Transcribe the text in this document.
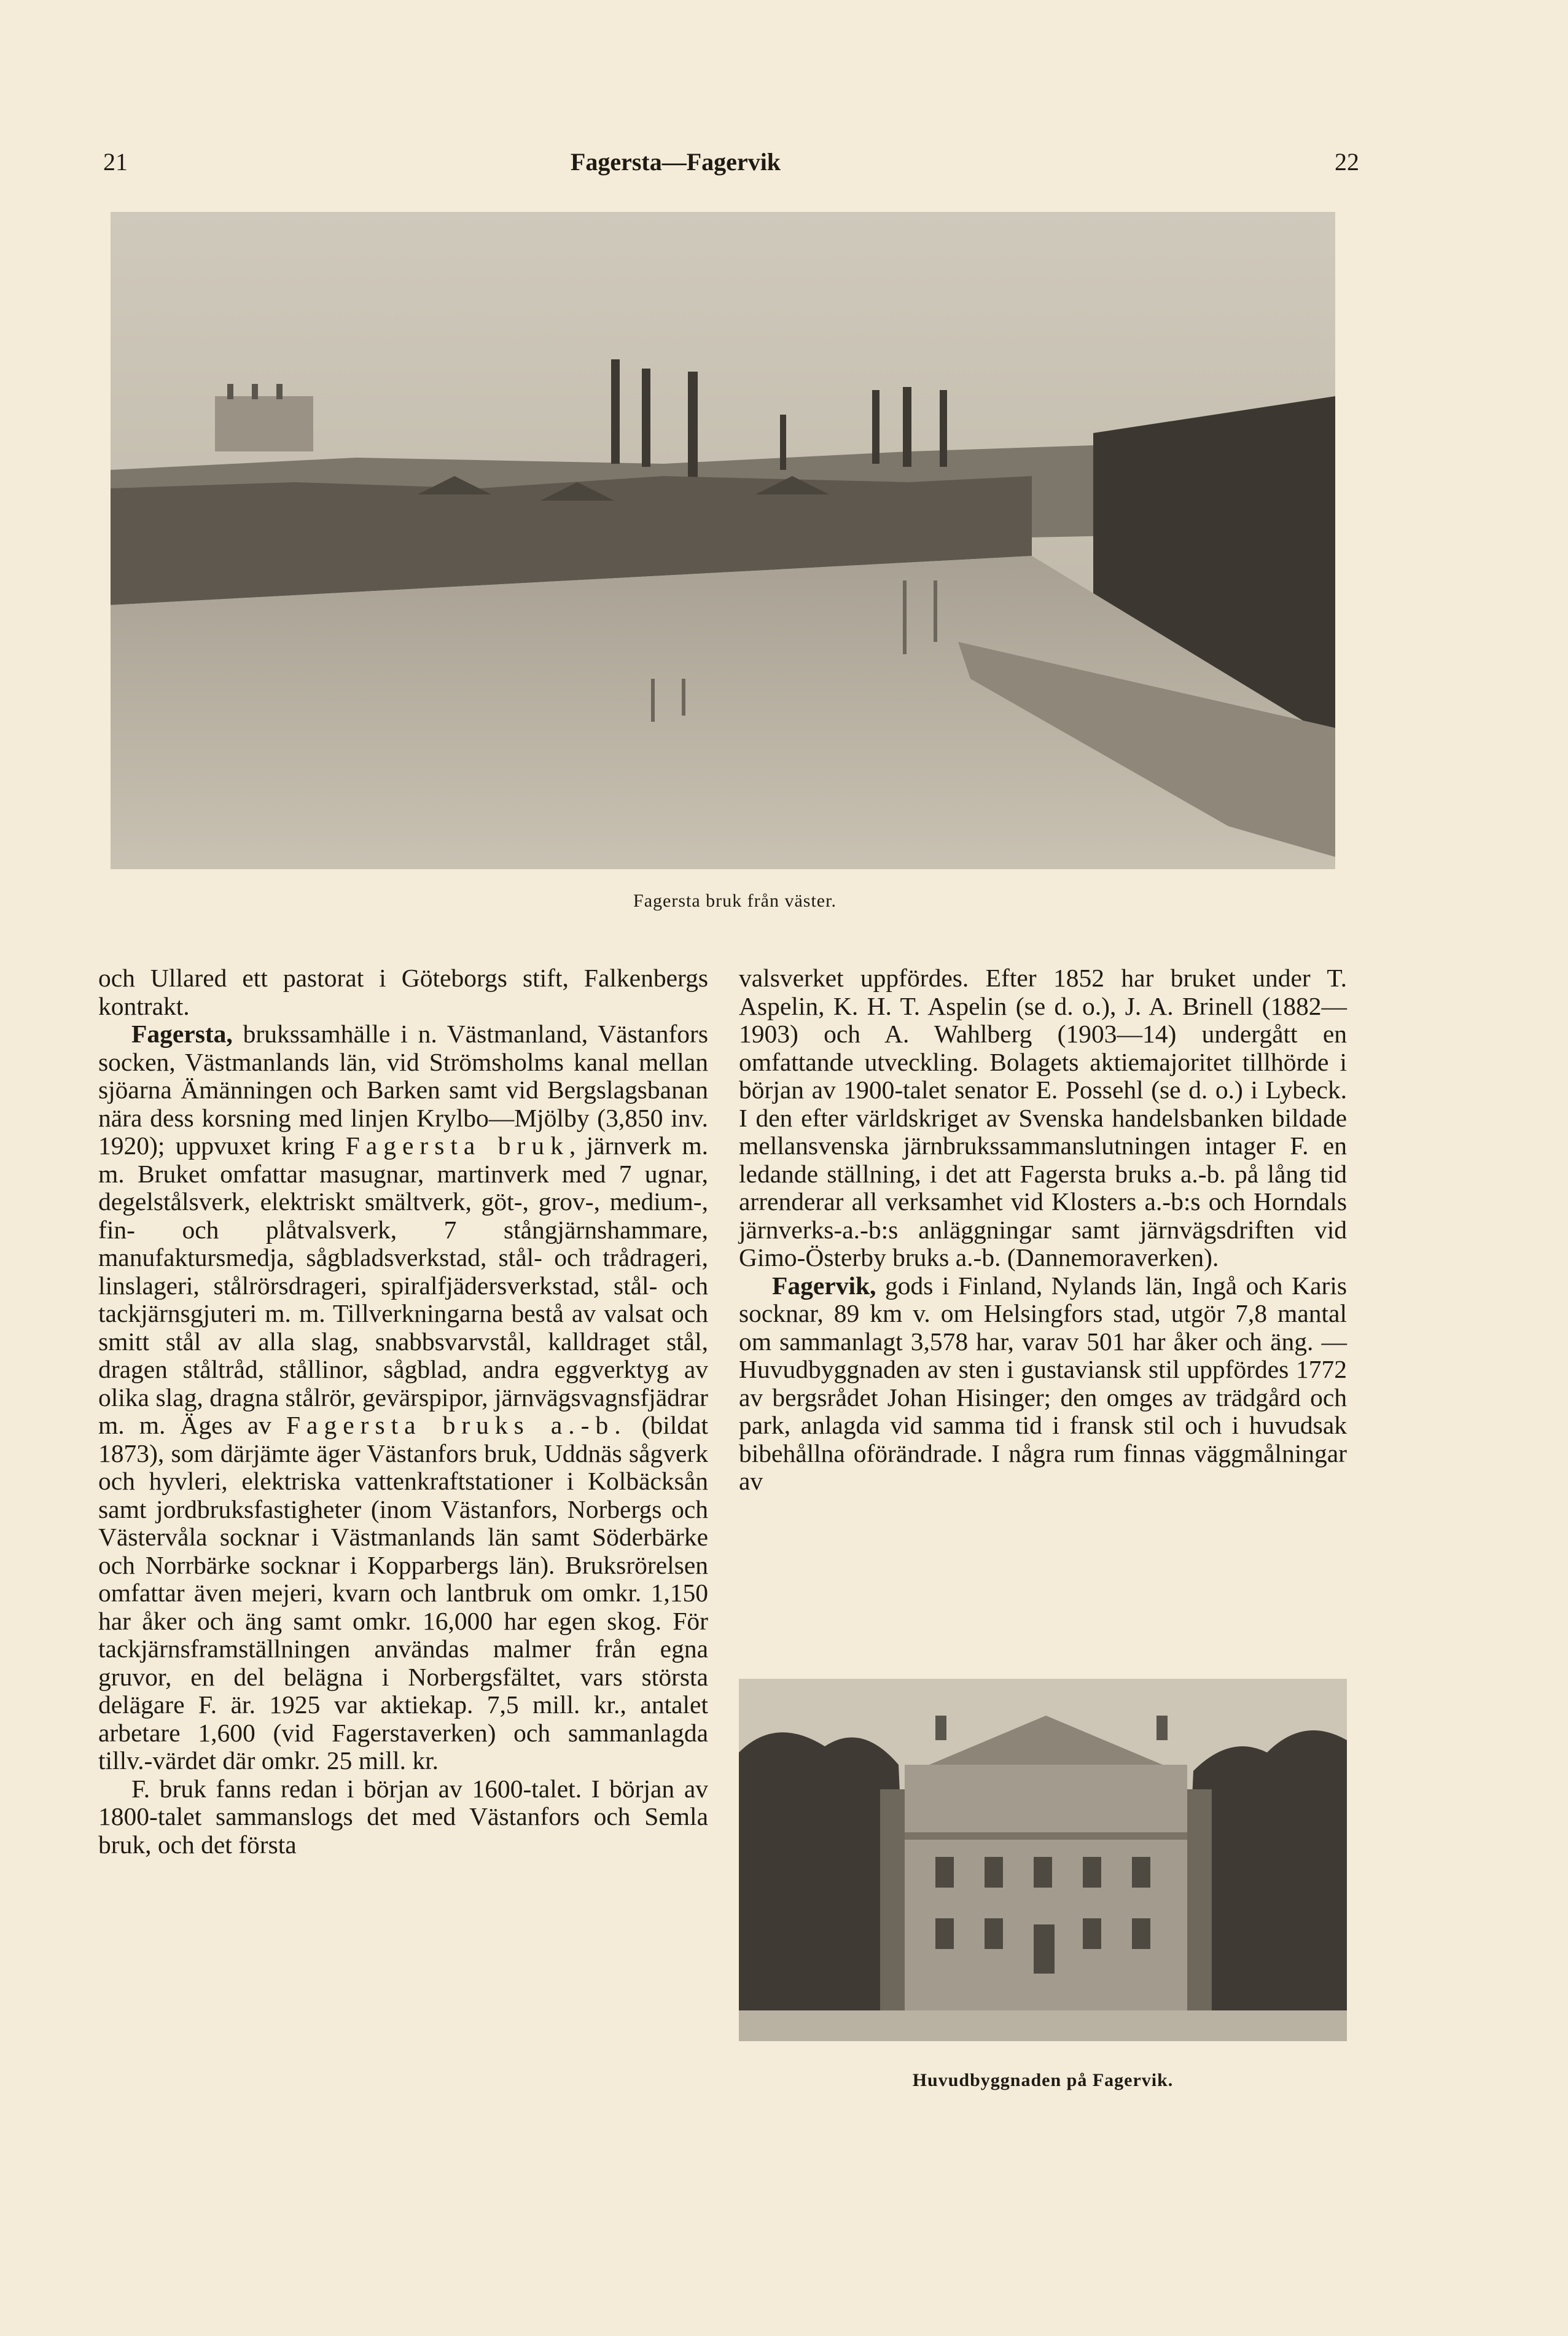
21	Fagersta—Fagervik	22
Fagersta bruk från väster.

och Ullared ett pastorat i Göteborgs stift, Falkenbergs kontrakt.

Fagersta, brukssamhälle i n. Västmanland, Västanfors socken, Västmanlands län, vid Strömsholms kanal mellan sjöarna Ämänningen och Barken samt vid Bergslagsbanan nära dess korsning med linjen Krylbo—Mjölby (3,850 inv. 1920); uppvuxet kring Fagersta bruk, järnverk m. m. Bruket omfattar masugnar, martinverk med 7 ugnar, degelstålsverk, elektriskt smältverk, göt-, grov-, medium-, fin- och plåtvalsverk, 7 stångjärnshammare, manufaktursmedja, sågbladsverkstad, stål- och trådrageri, linslageri, stålrörsdrageri, spiralfjädersverkstad, stål- och tackjärnsgjuteri m. m. Tillverkningarna bestå av valsat och smitt stål av alla slag, snabbsvarvstål, kalldraget stål, dragen ståltråd, stållinor, sågblad, andra eggverktyg av olika slag, dragna stålrör, gevärspipor, järnvägsvagnsfjädrar m. m. Äges av Fagersta bruks a.-b. (bildat 1873), som därjämte äger Västanfors bruk, Uddnäs sågverk och hyvleri, elektriska vattenkraftstationer i Kolbäcksån samt jordbruksfastigheter (inom Västanfors, Norbergs och Västervåla socknar i Västmanlands län samt Söderbärke och Norrbärke socknar i Kopparbergs län). Bruksrörelsen omfattar även mejeri, kvarn och lantbruk om omkr. 1,150 har åker och äng samt omkr. 16,000 har egen skog. För tackjärnsframställningen användas malmer från egna gruvor, en del belägna i Norbergsfältet, vars största delägare F. är. 1925 var aktiekap. 7,5 mill. kr., antalet arbetare 1,600 (vid Fagerstaverken) och sammanlagda tillv.-värdet där omkr. 25 mill. kr.

F. bruk fanns redan i början av 1600-talet. I början av 1800-talet sammanslogs det med Västanfors och Semla bruk, och det första

valsverket uppfördes. Efter 1852 har bruket under T. Aspelin, K. H. T. Aspelin (se d. o.), J. A. Brinell (1882—1903) och A. Wahlberg (1903—14) undergått en omfattande utveckling. Bolagets aktiemajoritet tillhörde i början av 1900-talet senator E. Possehl (se d. o.) i Lybeck. I den efter världskriget av Svenska handelsbanken bildade mellansvenska järnbrukssammanslutningen intager F. en ledande ställning, i det att Fagersta bruks a.-b. på lång tid arrenderar all verksamhet vid Klosters a.-b:s och Horndals järnverks-a.-b:s anläggningar samt järnvägsdriften vid Gimo-Österby bruks a.-b. (Dannemoraverken).

Fagervik, gods i Finland, Nylands län, Ingå och Karis socknar, 89 km v. om Helsingfors stad, utgör 7,8 mantal om sammanlagt 3,578 har, varav 501 har åker och äng. — Huvudbyggnaden av sten i gustaviansk stil uppfördes 1772 av bergsrådet Johan Hisinger; den omges av trädgård och park, anlagda vid samma tid i fransk stil och i huvudsak bibehållna oförändrade. I några rum finnas väggmålningar av

Huvudbyggnaden på Fagervik.
